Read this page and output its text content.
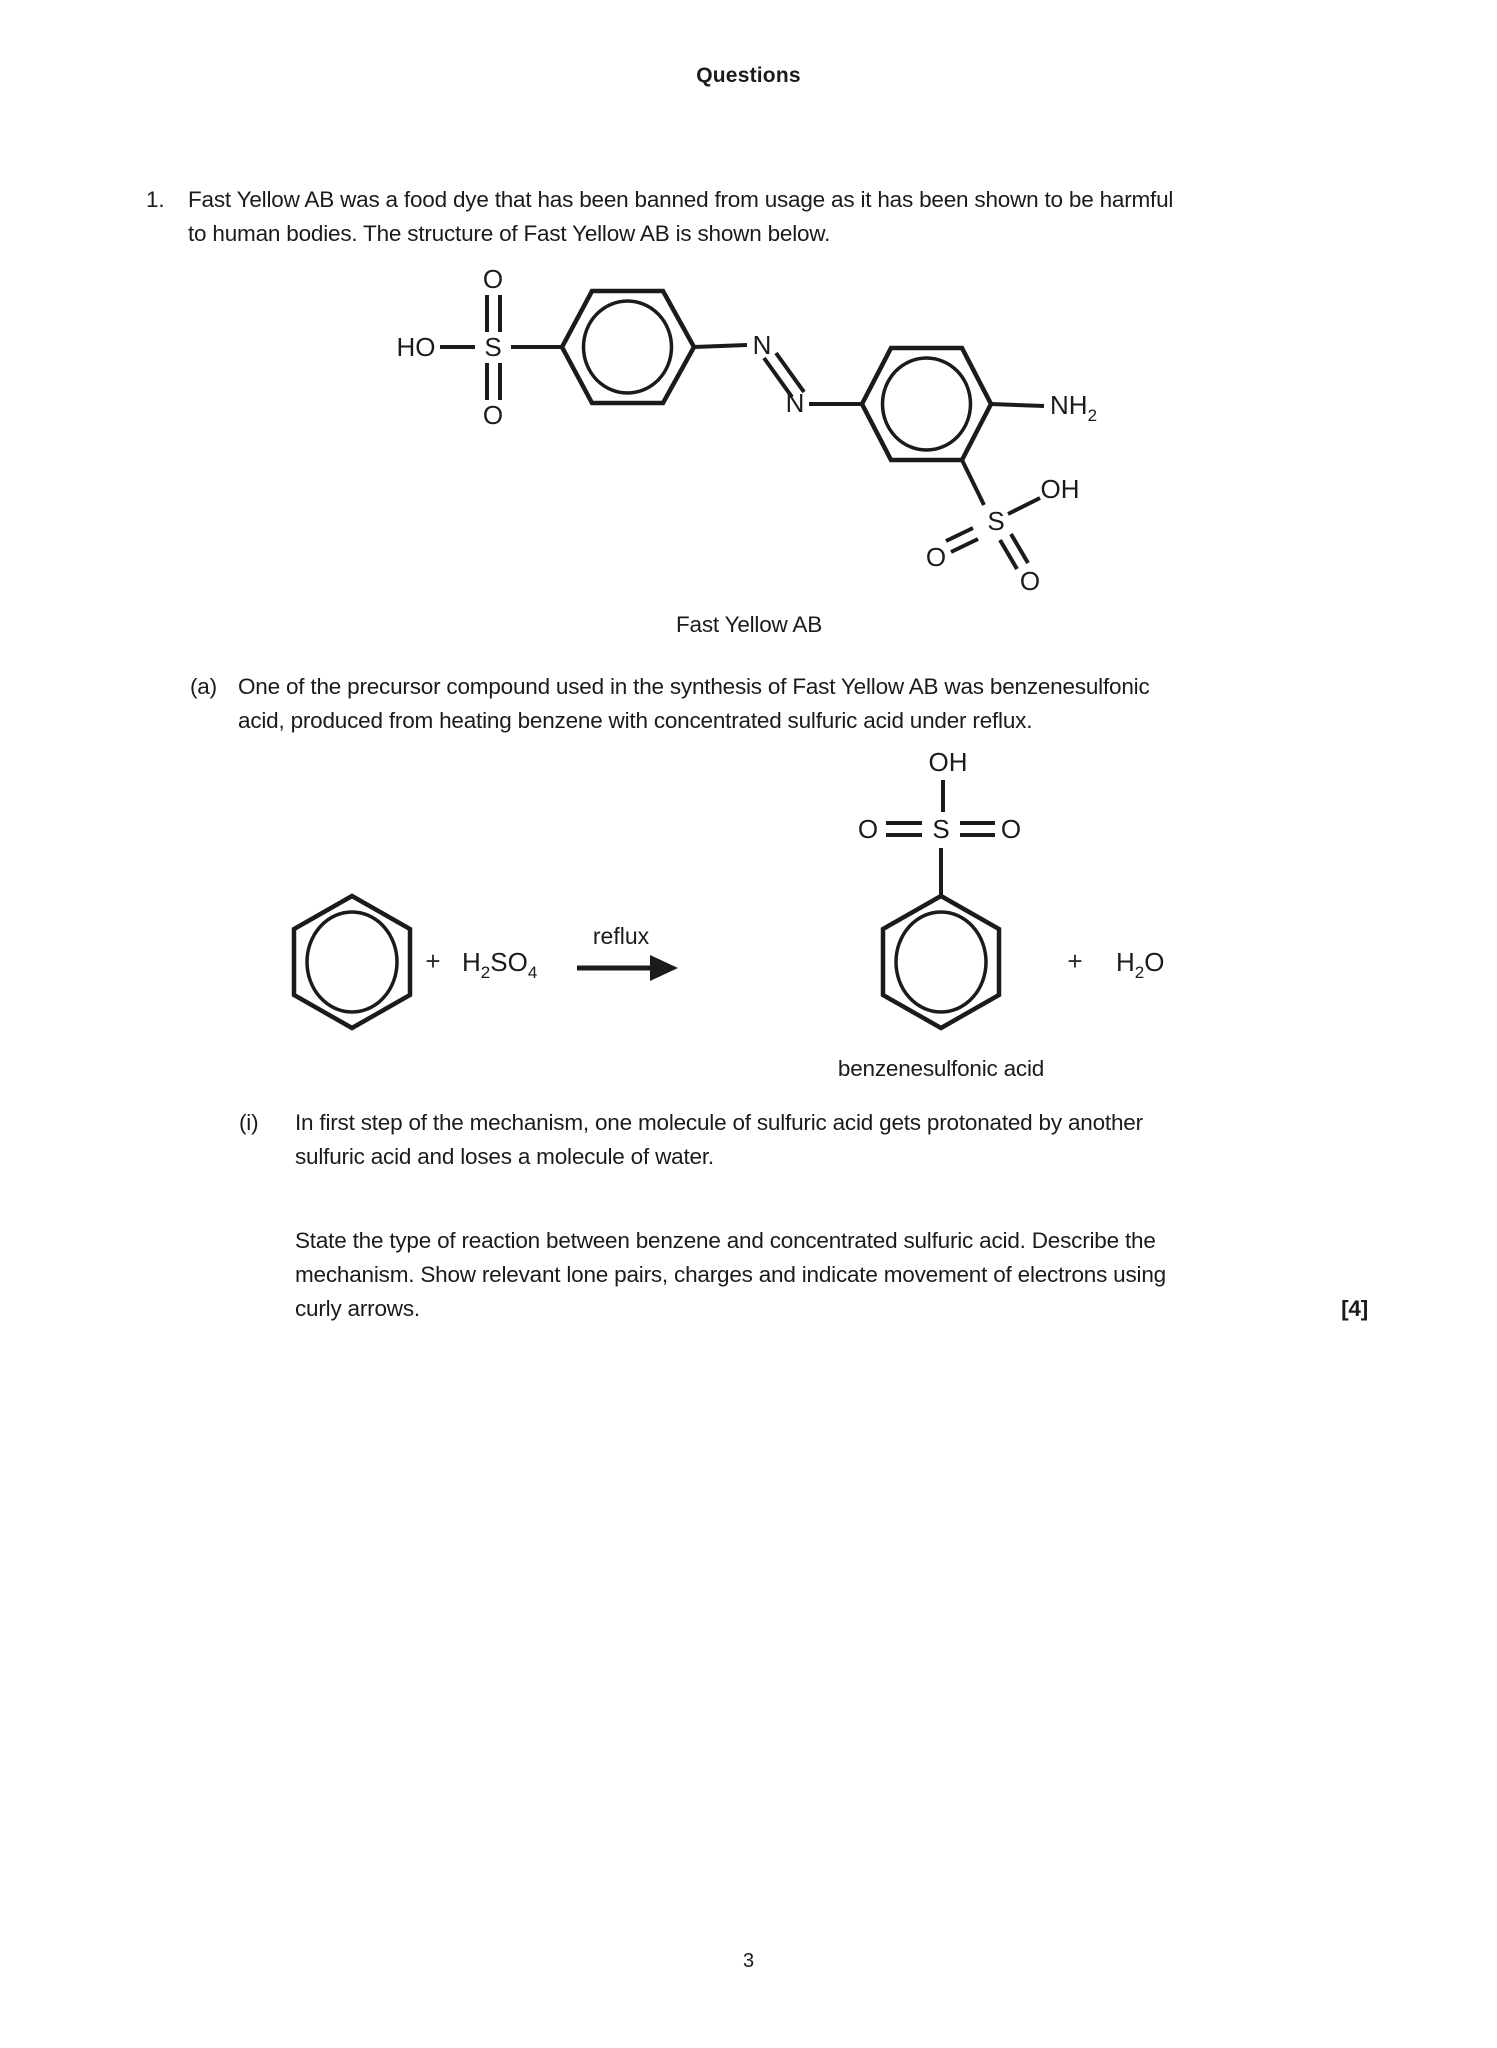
Questions
1.	Fast Yellow AB was a food dye that has been banned from usage as it has been shown to be harmful
to human bodies. The structure of Fast Yellow AB is shown below.
HO S
O
O
N
N	$NH_2$
S
OH
O
O
Fast Yellow AB
(a) One of the precursor compound used in the synthesis of Fast Yellow AB was benzenesulfonic
acid, produced from heating benzene with concentrated sulfuric acid under reflux.
+ $H_2SO_4$
reflux
OH
O S O
+ $H_2O$
benzenesulfonic acid
(i)	In first step of the mechanism, one molecule of sulfuric acid gets protonated by another
sulfuric acid and loses a molecule of water.
State the type of reaction between benzene and concentrated sulfuric acid. Describe the
mechanism. Show relevant lone pairs, charges and indicate movement of electrons using
curly arrows.	[4]
3
